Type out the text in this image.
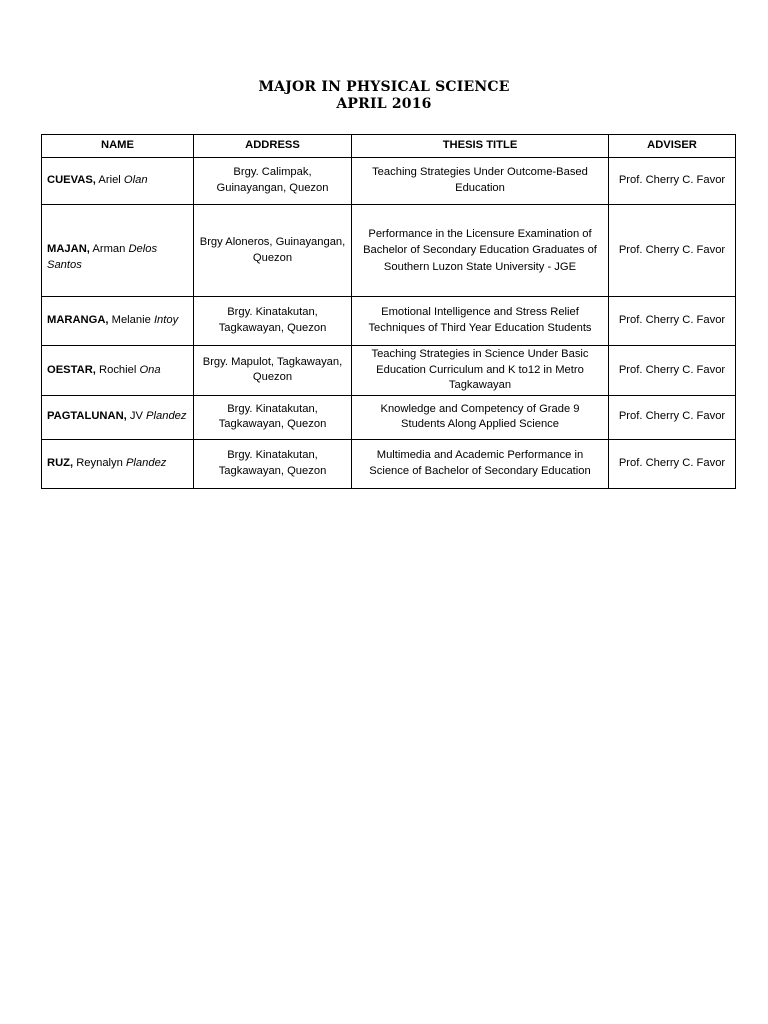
MAJOR IN PHYSICAL SCIENCE
APRIL 2016
NAME	ADDRESS	THESIS TITLE	ADVISER
CUEVAS, Ariel Olan	Brgy. Calimpak, Guinayangan, Quezon	Teaching Strategies Under Outcome-Based Education	Prof. Cherry C. Favor
MAJAN, Arman Delos Santos	Brgy Aloneros, Guinayangan, Quezon	Performance in the Licensure Examination of Bachelor of Secondary Education Graduates of Southern Luzon State University - JGE	Prof. Cherry C. Favor
MARANGA, Melanie Intoy	Brgy. Kinatakutan, Tagkawayan, Quezon	Emotional Intelligence and Stress Relief Techniques of Third Year Education Students	Prof. Cherry C. Favor
OESTAR, Rochiel Ona	Brgy. Mapulot, Tagkawayan, Quezon	Teaching Strategies in Science Under Basic Education Curriculum and K to12 in Metro Tagkawayan	Prof. Cherry C. Favor
PAGTALUNAN, JV Plandez	Brgy. Kinatakutan, Tagkawayan, Quezon	Knowledge and Competency of Grade 9 Students Along Applied Science	Prof. Cherry C. Favor
RUZ, Reynalyn Plandez	Brgy. Kinatakutan, Tagkawayan, Quezon	Multimedia and Academic Performance in Science of Bachelor of Secondary Education	Prof. Cherry C. Favor
